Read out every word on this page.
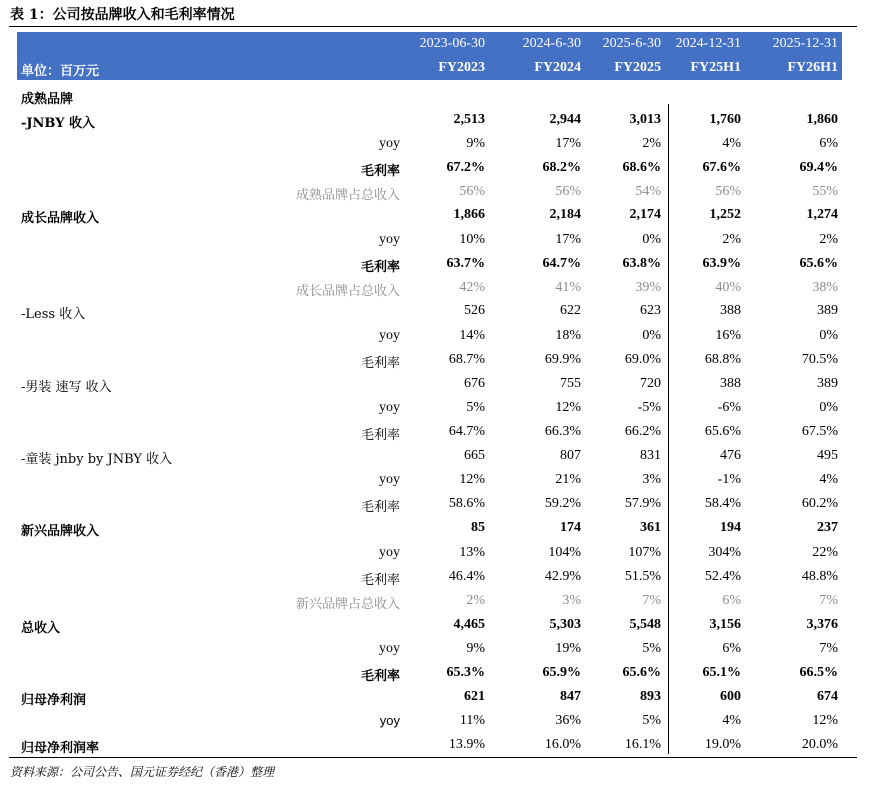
表 1：公司按品牌收入和毛利率情况
单位：百万元
2023-06-30	2024-6-30	2025-6-30	2024-12-31	2025-12-31
FY2023	FY2024	FY2025	FY25H1	FY26H1
成熟品牌
-JNBY 收入	2,513	2,944	3,013	1,760	1,860
yoy	9%	17%	2%	4%	6%
毛利率	67.2%	68.2%	68.6%	67.6%	69.4%
成熟品牌占总收入	56%	56%	54%	56%	55%
成长品牌收入	1,866	2,184	2,174	1,252	1,274
yoy	10%	17%	0%	2%	2%
毛利率	63.7%	64.7%	63.8%	63.9%	65.6%
成长品牌占总收入	42%	41%	39%	40%	38%
-Less 收入	526	622	623	388	389
yoy	14%	18%	0%	16%	0%
毛利率	68.7%	69.9%	69.0%	68.8%	70.5%
-男装 速写 收入	676	755	720	388	389
yoy	5%	12%	-5%	-6%	0%
毛利率	64.7%	66.3%	66.2%	65.6%	67.5%
-童装 jnby by JNBY 收入	665	807	831	476	495
yoy	12%	21%	3%	-1%	4%
毛利率	58.6%	59.2%	57.9%	58.4%	60.2%
新兴品牌收入	85	174	361	194	237
yoy	13%	104%	107%	304%	22%
毛利率	46.4%	42.9%	51.5%	52.4%	48.8%
新兴品牌占总收入	2%	3%	7%	6%	7%
总收入	4,465	5,303	5,548	3,156	3,376
yoy	9%	19%	5%	6%	7%
毛利率	65.3%	65.9%	65.6%	65.1%	66.5%
归母净利润	621	847	893	600	674
yoy	11%	36%	5%	4%	12%
归母净利润率	13.9%	16.0%	16.1%	19.0%	20.0%
资料来源：公司公告、国元证券经纪（香港）整理
